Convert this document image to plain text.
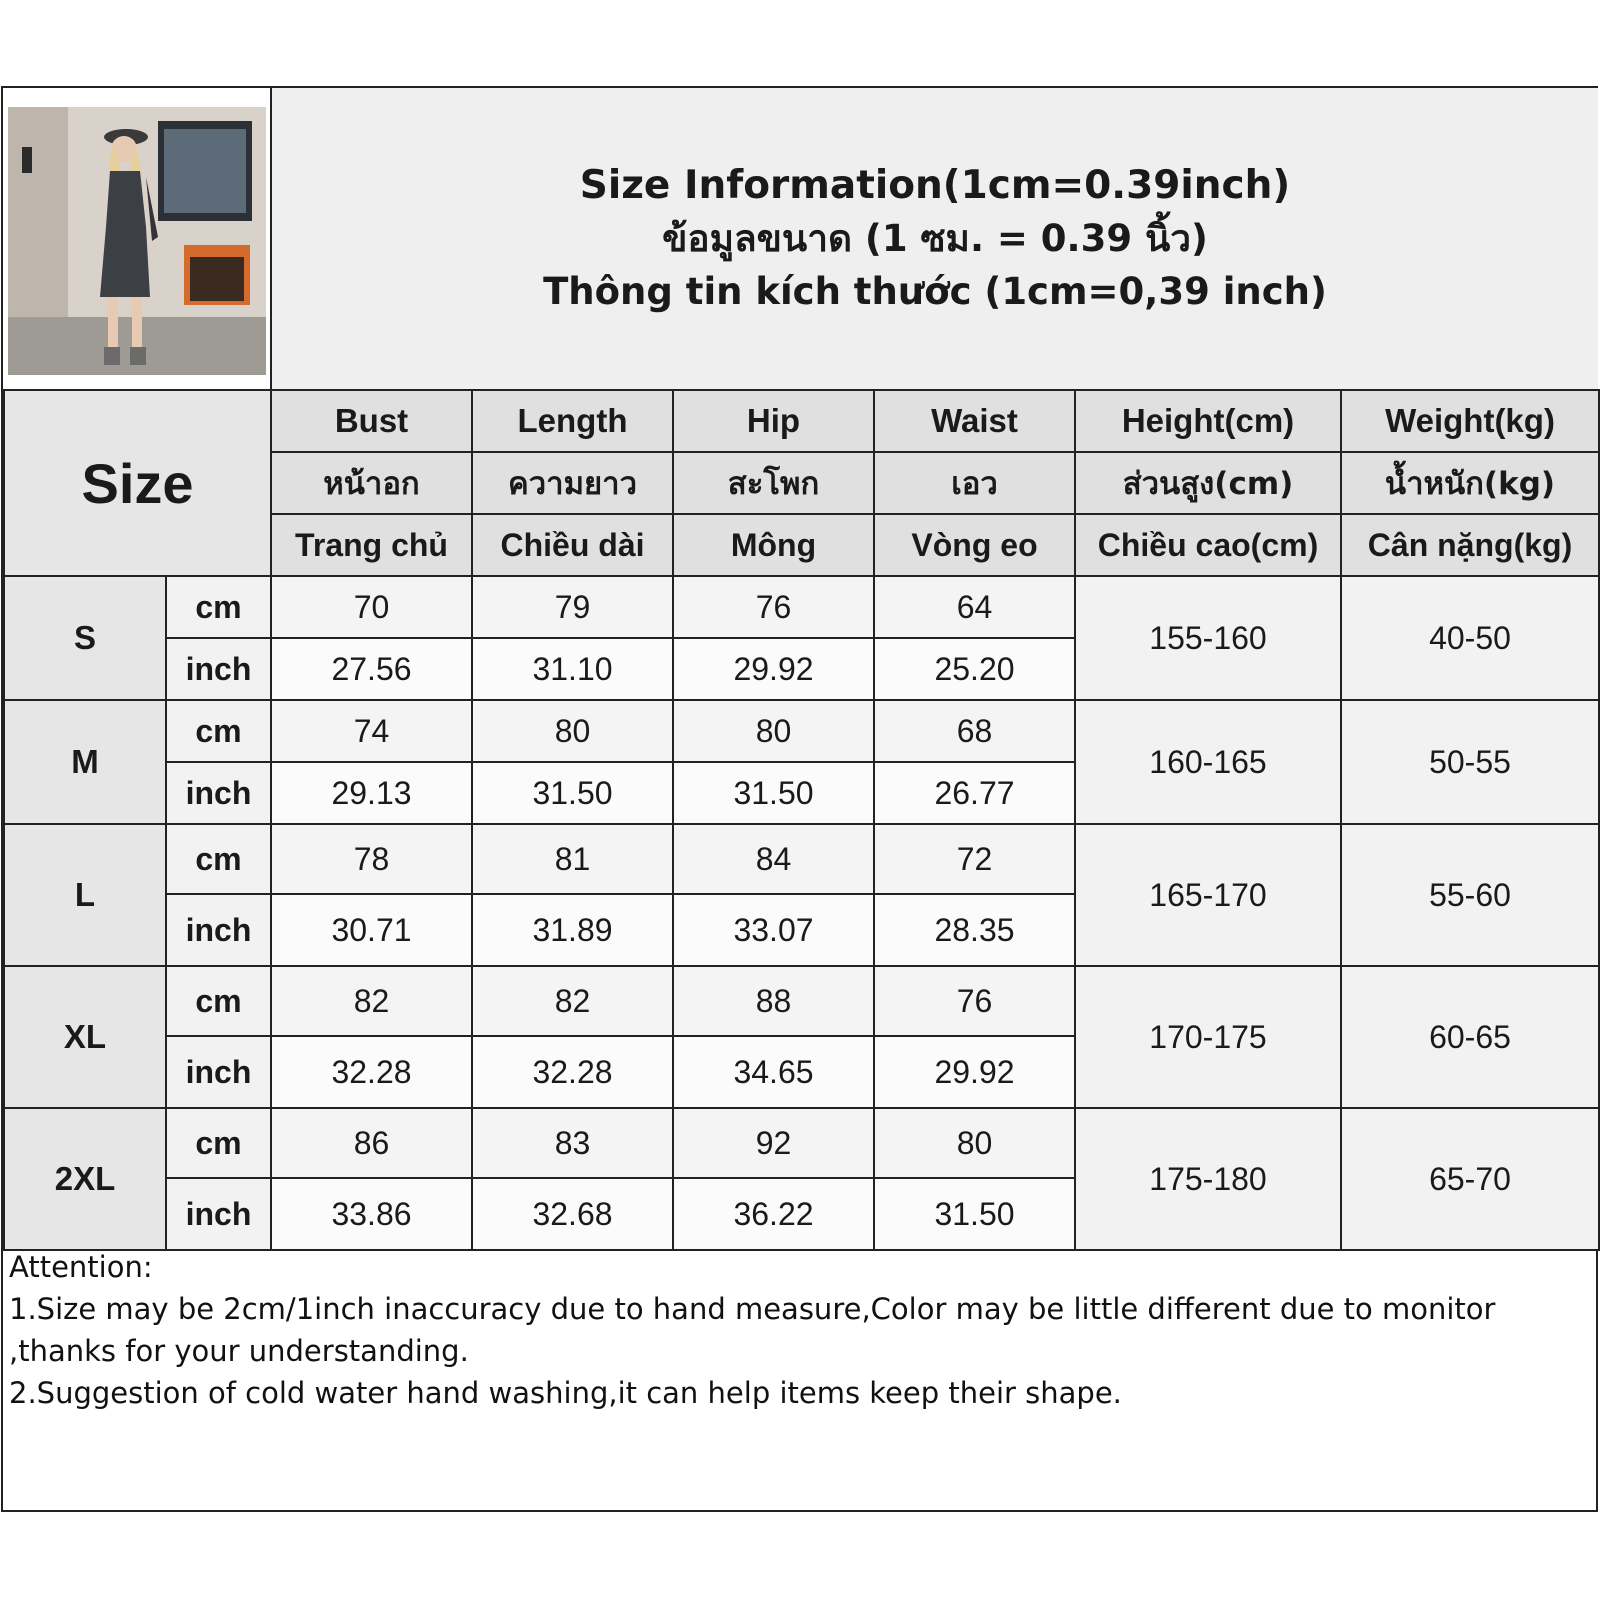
Size Information(1cm=0.39inch)
ข้อมูลขนาด (1 ซม. = 0.39 นิ้ว)
Thông tin kích thước (1cm=0,39 inch)
Size		Bust	Length	Hip	Waist	Height(cm)	Weight(kg)
		หน้าอก	ความยาว	สะโพก	เอว	ส่วนสูง(cm)	น้ำหนัก(kg)
		Trang chủ	Chiều dài	Mông	Vòng eo	Chiều cao(cm)	Cân nặng(kg)
S	cm	70	79	76	64	155-160	40-50
	inch	27.56	31.10	29.92	25.20		
M	cm	74	80	80	68	160-165	50-55
	inch	29.13	31.50	31.50	26.77		
L	cm	78	81	84	72	165-170	55-60
	inch	30.71	31.89	33.07	28.35		
XL	cm	82	82	88	76	170-175	60-65
	inch	32.28	32.28	34.65	29.92		
2XL	cm	86	83	92	80	175-180	65-70
	inch	33.86	32.68	36.22	31.50		
Attention:
1.Size may be 2cm/1inch inaccuracy due to hand measure,Color may be little different due to monitor
,thanks for your understanding.
2.Suggestion of cold water hand washing,it can help items keep their shape.
